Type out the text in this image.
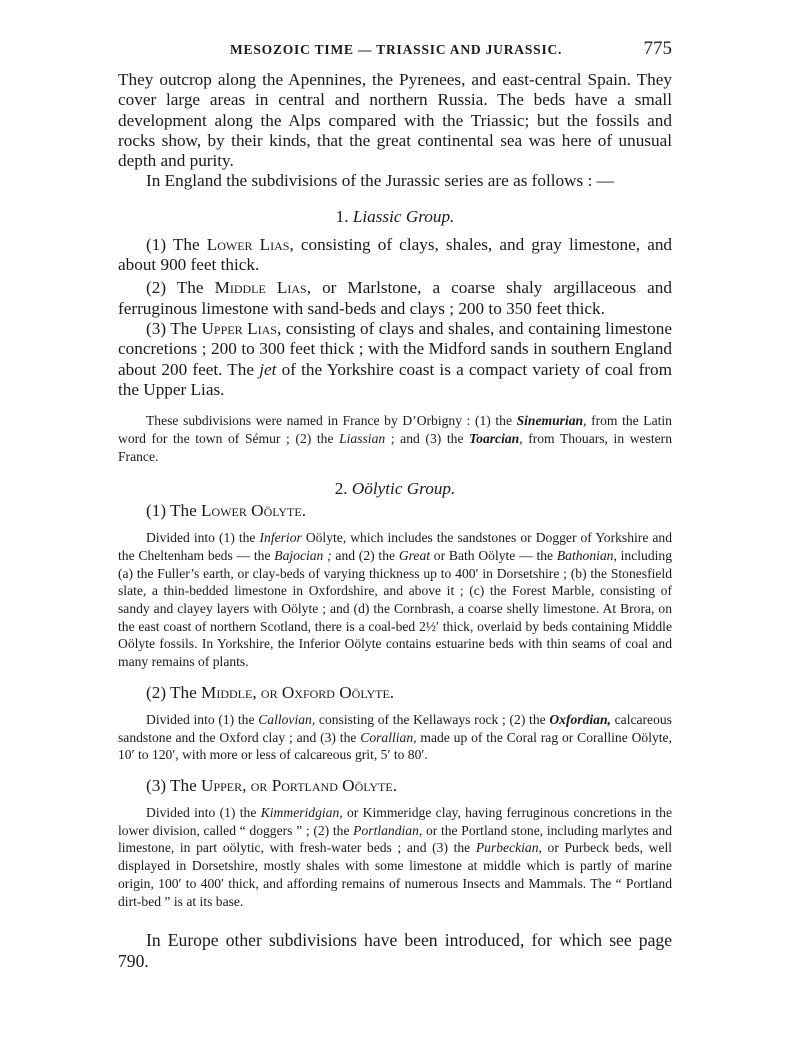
MESOZOIC TIME — TRIASSIC AND JURASSIC.	775

They outcrop along the Apennines, the Pyrenees, and east-central Spain. They cover large areas in central and northern Russia. The beds have a small development along the Alps compared with the Triassic; but the fossils and rocks show, by their kinds, that the great continental sea was here of unusual depth and purity.

In England the subdivisions of the Jurassic series are as follows : —

1. Liassic Group.

(1) The Lower Lias, consisting of clays, shales, and gray limestone, and about 900 feet thick.

(2) The Middle Lias, or Marlstone, a coarse shaly argillaceous and ferruginous limestone with sand-beds and clays ; 200 to 350 feet thick.

(3) The Upper Lias, consisting of clays and shales, and containing limestone concretions ; 200 to 300 feet thick ; with the Midford sands in southern England about 200 feet. The jet of the Yorkshire coast is a compact variety of coal from the Upper Lias.

These subdivisions were named in France by D’Orbigny : (1) the Sinemurian, from the Latin word for the town of Sémur ; (2) the Liassian ; and (3) the Toarcian, from Thouars, in western France.

2. Oölytic Group.
(1) The Lower Oölyte.

Divided into (1) the Inferior Oölyte, which includes the sandstones or Dogger of Yorkshire and the Cheltenham beds — the Bajocian ; and (2) the Great or Bath Oölyte — the Bathonian, including (a) the Fuller’s earth, or clay-beds of varying thickness up to 400′ in Dorsetshire ; (b) the Stonesfield slate, a thin-bedded limestone in Oxfordshire, and above it ; (c) the Forest Marble, consisting of sandy and clayey layers with Oölyte ; and (d) the Cornbrash, a coarse shelly limestone. At Brora, on the east coast of northern Scotland, there is a coal-bed 2½′ thick, overlaid by beds containing Middle Oölyte fossils. In Yorkshire, the Inferior Oölyte contains estuarine beds with thin seams of coal and many remains of plants.

(2) The Middle, or Oxford Oölyte.

Divided into (1) the Callovian, consisting of the Kellaways rock ; (2) the Oxfordian, calcareous sandstone and the Oxford clay ; and (3) the Corallian, made up of the Coral rag or Coralline Oölyte, 10′ to 120′, with more or less of calcareous grit, 5′ to 80′.

(3) The Upper, or Portland Oölyte.

Divided into (1) the Kimmeridgian, or Kimmeridge clay, having ferruginous concretions in the lower division, called “ doggers ” ; (2) the Portlandian, or the Portland stone, including marlytes and limestone, in part oölytic, with fresh-water beds ; and (3) the Purbeckian, or Purbeck beds, well displayed in Dorsetshire, mostly shales with some limestone at middle which is partly of marine origin, 100′ to 400′ thick, and affording remains of numerous Insects and Mammals. The “ Portland dirt-bed ” is at its base.

In Europe other subdivisions have been introduced, for which see page 790.
